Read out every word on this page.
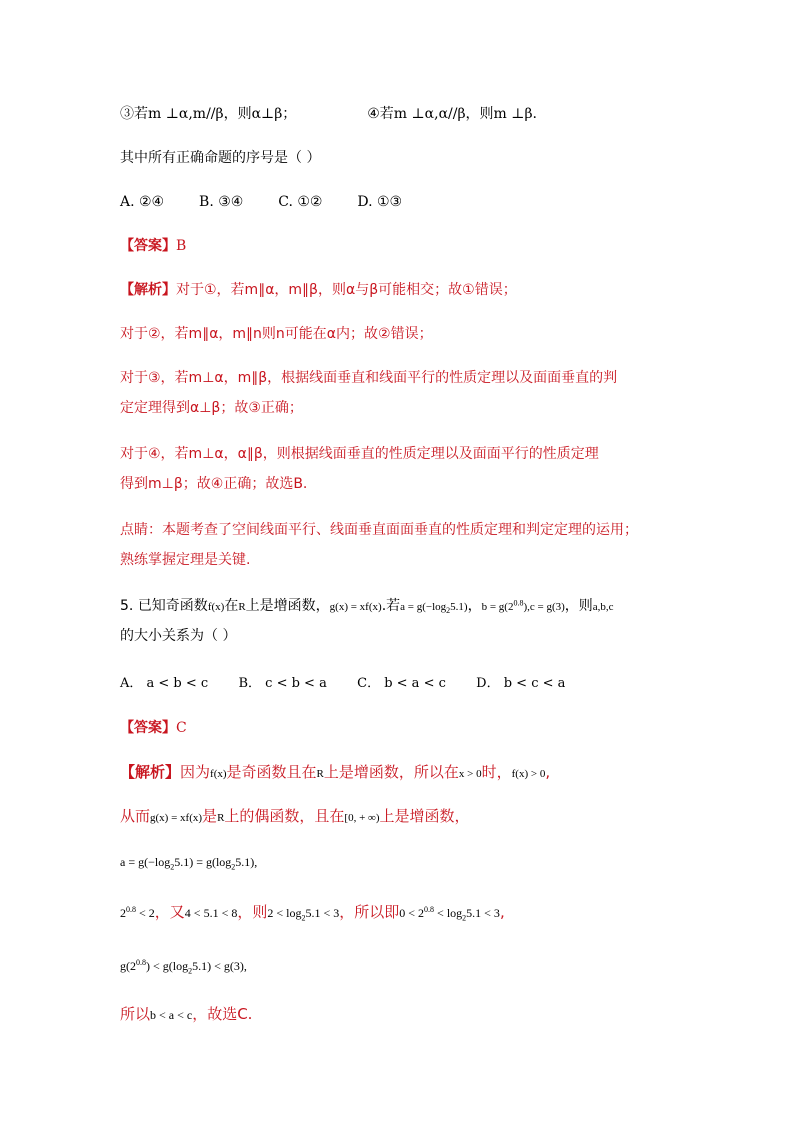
③若m ⊥α,m//β，则α⊥β；	④若m ⊥α,α//β，则m ⊥β.
其中所有正确命题的序号是（ ）
A. ②④ B. ③④ C. ①② D. ①③
【答案】B
【解析】对于①，若m∥α，m∥β，则α与β可能相交；故①错误；
对于②，若m∥α，m∥n则n可能在α内；故②错误；
对于③，若m⊥α，m∥β，根据线面垂直和线面平行的性质定理以及面面垂直的判
定定理得到α⊥β；故③正确；
对于④，若m⊥α，α∥β，则根据线面垂直的性质定理以及面面平行的性质定理
得到m⊥β；故④正确；故选B.
点睛：本题考查了空间线面平行、线面垂直面面垂直的性质定理和判定定理的运用；
熟练掌握定理是关键.
5. 已知奇函数f(x)在R上是增函数，g(x) = xf(x).若$a = g(-\log_25.1)$，$b = g(2^{0.8}),c = g(3)$，则a,b,c
的大小关系为（ ）
A． a < b < c B． c < b < a C． b < a < c D． b < c < a
【答案】C
【解析】因为f(x)是奇函数且在R上是增函数，所以在x > 0时，f(x) > 0,
从而g(x) = xf(x)是R上的偶函数，且在[0, + ∞)上是增函数，
$a = g(-\log_25.1) = g(\log_25.1)$,
$2^{0.8} < 2$，又4 < 5.1 < 8，则$2 < \log_25.1 < 3$，所以即$0 < 2^{0.8} < \log_25.1 < 3$,
$g(2^{0.8}) < g(\log_25.1) < g(3)$,
所以b < a < c，故选C.
